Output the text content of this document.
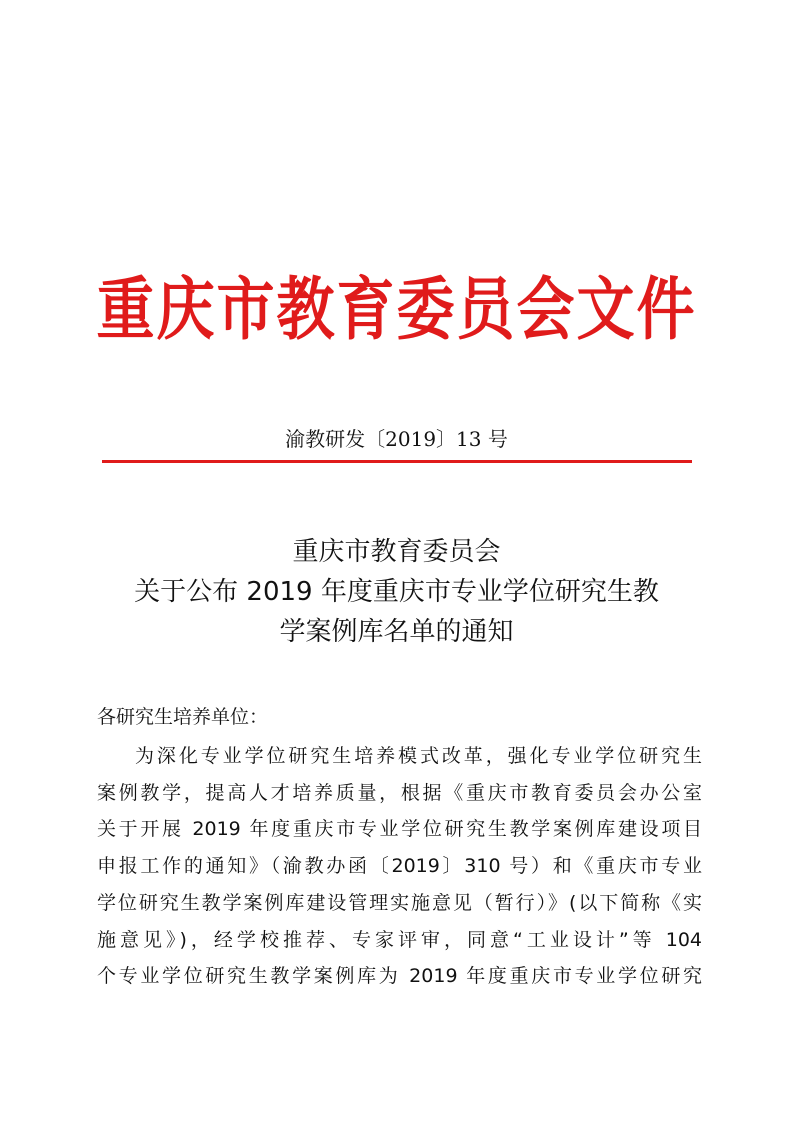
重庆市教育委员会文件
渝教研发〔2019〕13 号
重庆市教育委员会
关于公布 2019 年度重庆市专业学位研究生教
学案例库名单的通知
各研究生培养单位：
为深化专业学位研究生培养模式改革，强化专业学位研究生
案例教学，提高人才培养质量，根据《重庆市教育委员会办公室
关于开展 2019 年度重庆市专业学位研究生教学案例库建设项目
申报工作的通知》（渝教办函〔2019〕310 号）和《重庆市专业
学位研究生教学案例库建设管理实施意见（暂行）》(以下简称《实
施意见》)，经学校推荐、专家评审，同意“工业设计”等 104
个专业学位研究生教学案例库为 2019 年度重庆市专业学位研究
